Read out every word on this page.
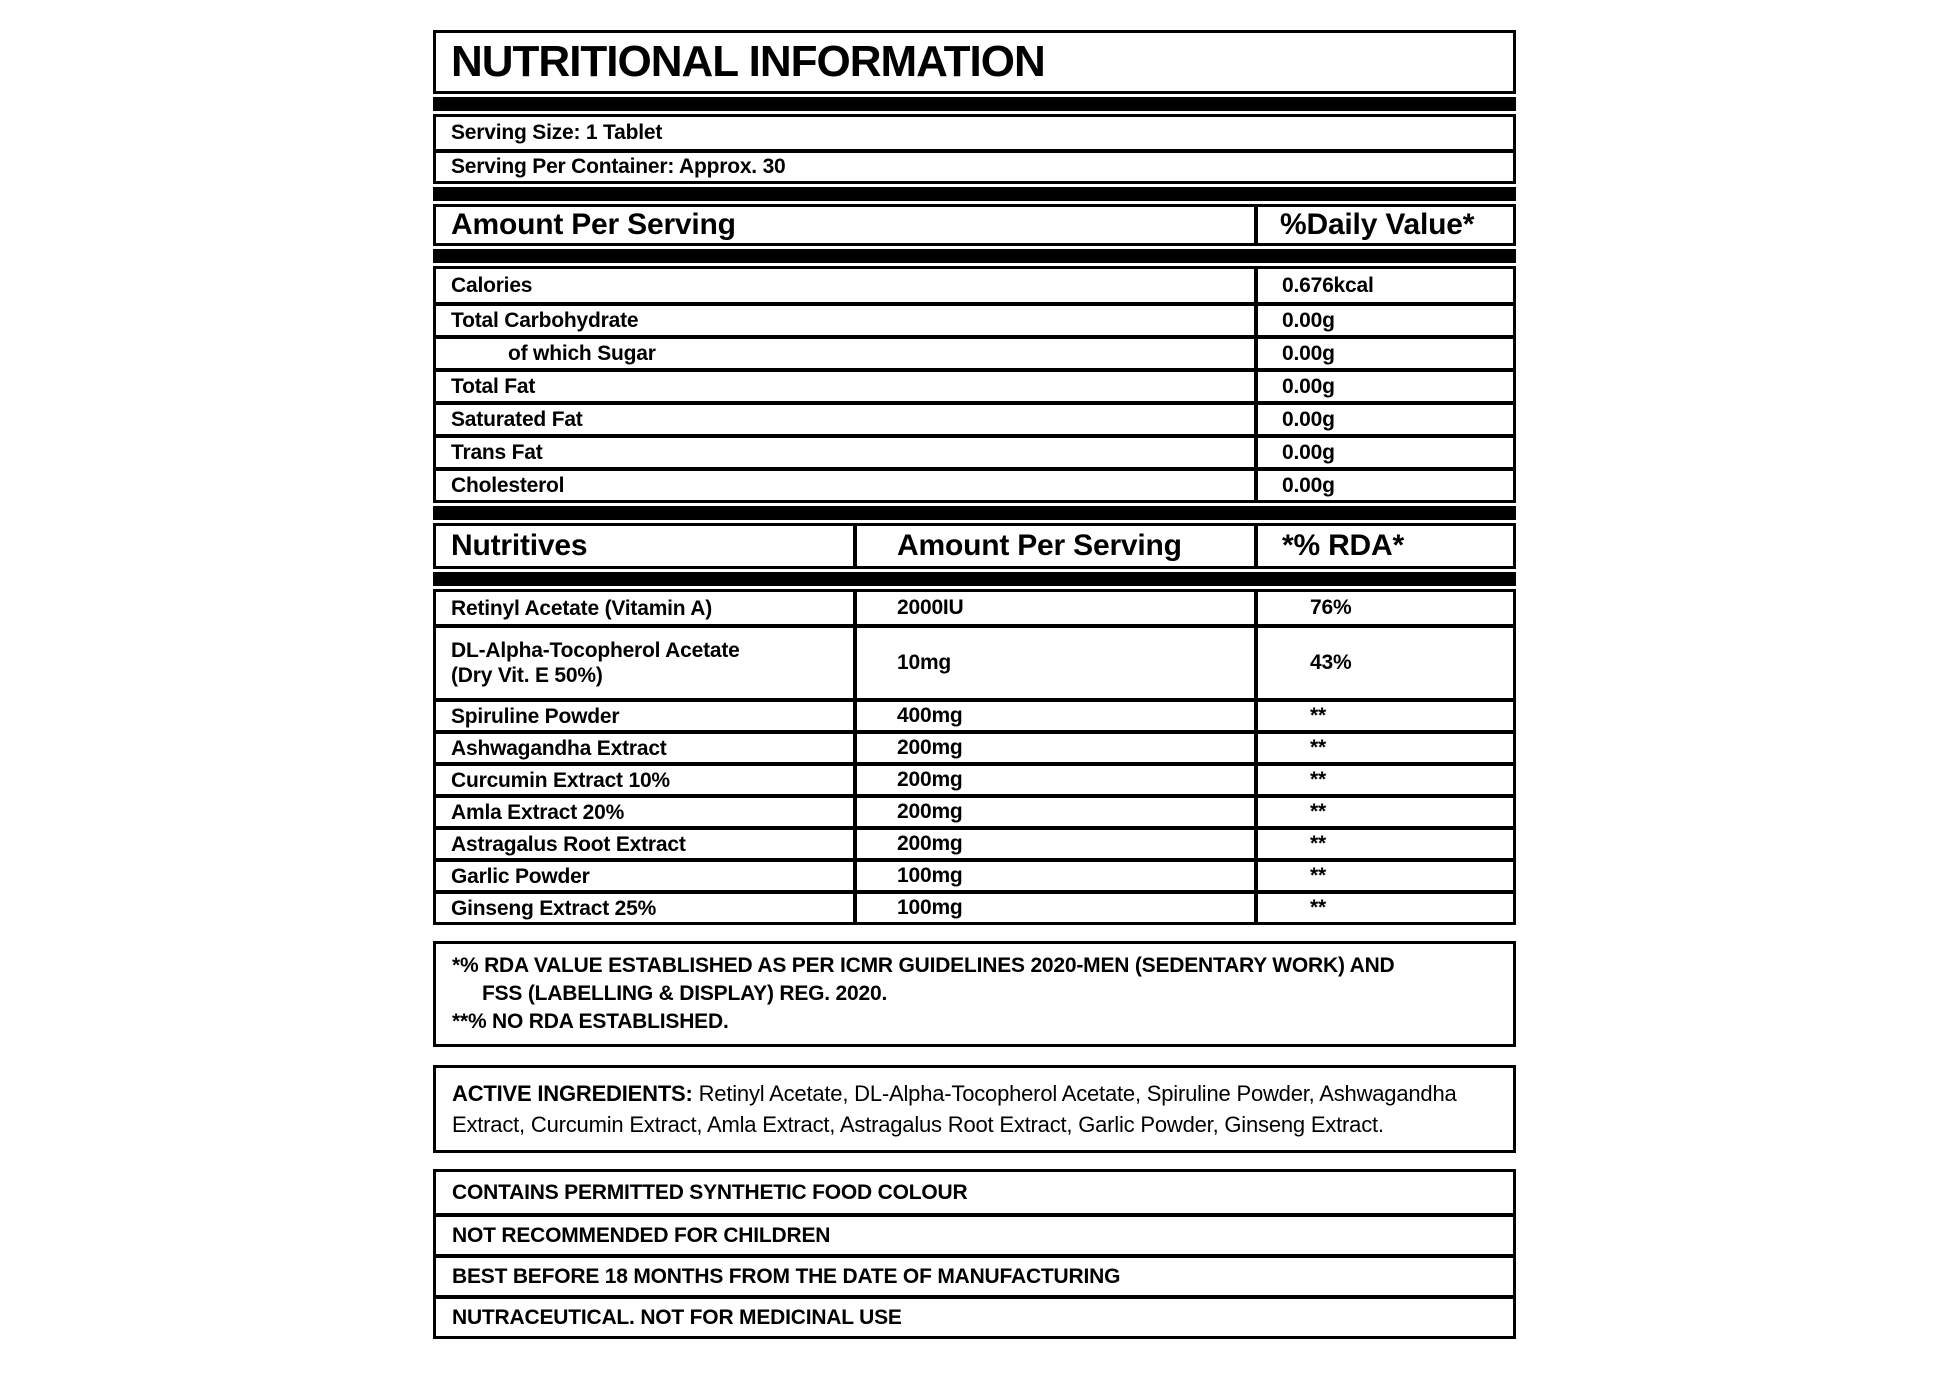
NUTRITIONAL INFORMATION
Serving Size: 1 Tablet
Serving Per Container: Approx. 30
Amount Per Serving	%Daily Value*
Calories	0.676kcal
Total Carbohydrate	0.00g
of which Sugar	0.00g
Total Fat	0.00g
Saturated Fat	0.00g
Trans Fat	0.00g
Cholesterol	0.00g
Nutritives	Amount Per Serving	*% RDA*
Retinyl Acetate (Vitamin A)	2000IU	76%
DL-Alpha-Tocopherol Acetate
(Dry Vit. E 50%)
10mg	43%
Spiruline Powder	400mg	**
Ashwagandha Extract	200mg	**
Curcumin Extract 10%	200mg	**
Amla Extract 20%	200mg	**
Astragalus Root Extract	200mg	**
Garlic Powder	100mg	**
Ginseng Extract 25%	100mg	**
*% RDA VALUE ESTABLISHED AS PER ICMR GUIDELINES 2020-MEN (SEDENTARY WORK) AND
FSS (LABELLING & DISPLAY) REG. 2020.
**% NO RDA ESTABLISHED.

ACTIVE INGREDIENTS: Retinyl Acetate, DL-Alpha-Tocopherol Acetate, Spiruline Powder, Ashwagandha Extract, Curcumin Extract, Amla Extract, Astragalus Root Extract, Garlic Powder, Ginseng Extract.

CONTAINS PERMITTED SYNTHETIC FOOD COLOUR
NOT RECOMMENDED FOR CHILDREN
BEST BEFORE 18 MONTHS FROM THE DATE OF MANUFACTURING
NUTRACEUTICAL. NOT FOR MEDICINAL USE
